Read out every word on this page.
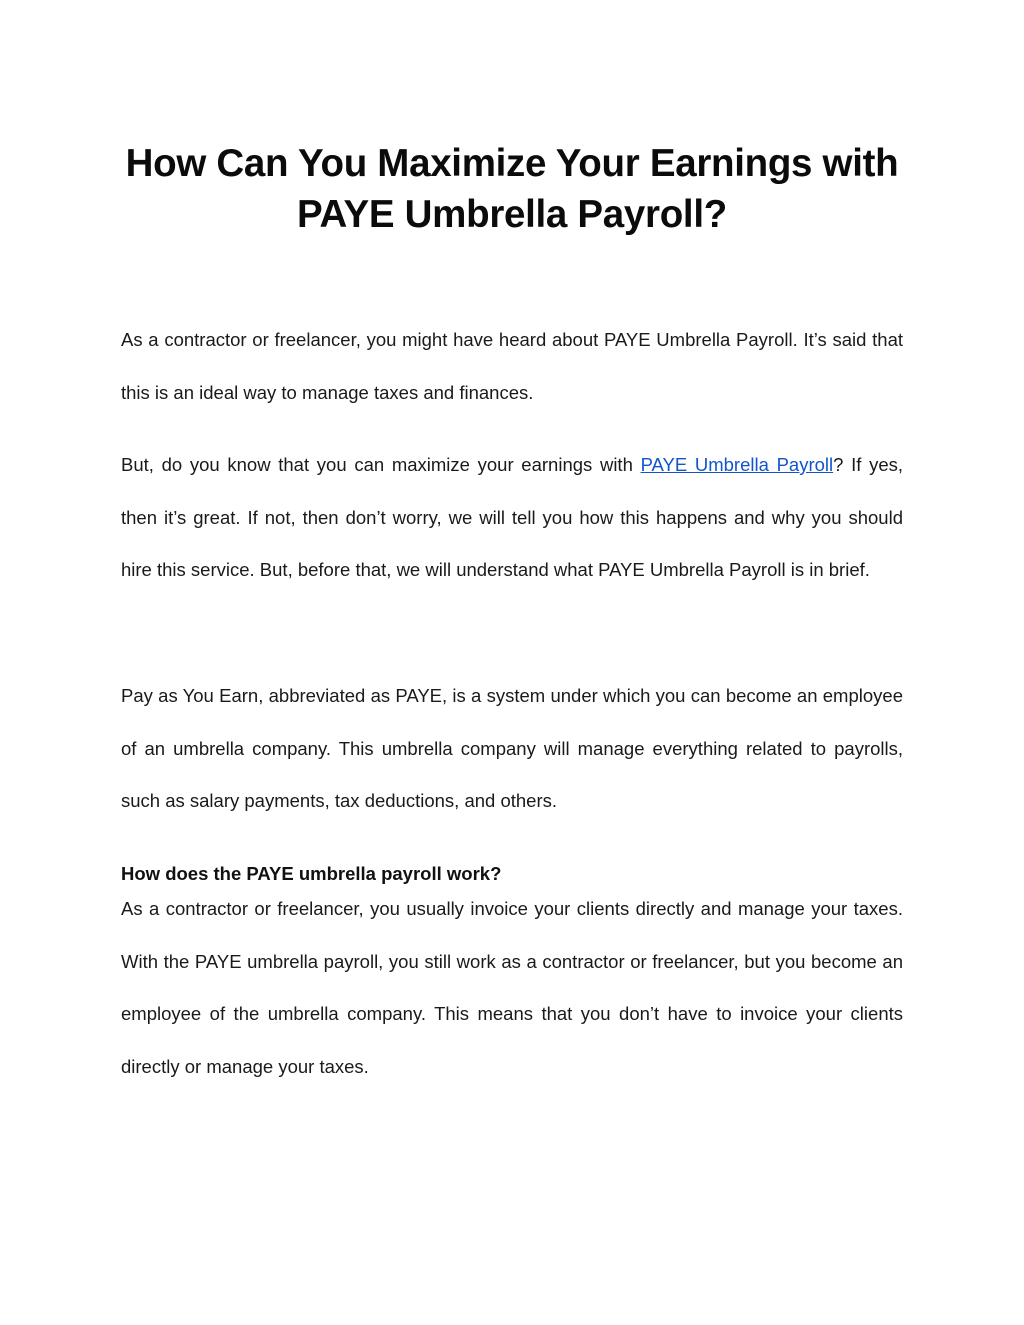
How Can You Maximize Your Earnings with PAYE Umbrella Payroll?

As a contractor or freelancer, you might have heard about PAYE Umbrella Payroll. It’s said that this is an ideal way to manage taxes and finances.

But, do you know that you can maximize your earnings with PAYE Umbrella Payroll? If yes, then it’s great. If not, then don’t worry, we will tell you how this happens and why you should hire this service. But, before that, we will understand what PAYE Umbrella Payroll is in brief.

Pay as You Earn, abbreviated as PAYE, is a system under which you can become an employee of an umbrella company. This umbrella company will manage everything related to payrolls, such as salary payments, tax deductions, and others.

How does the PAYE umbrella payroll work?

As a contractor or freelancer, you usually invoice your clients directly and manage your taxes. With the PAYE umbrella payroll, you still work as a contractor or freelancer, but you become an employee of the umbrella company. This means that you don’t have to invoice your clients directly or manage your taxes.
